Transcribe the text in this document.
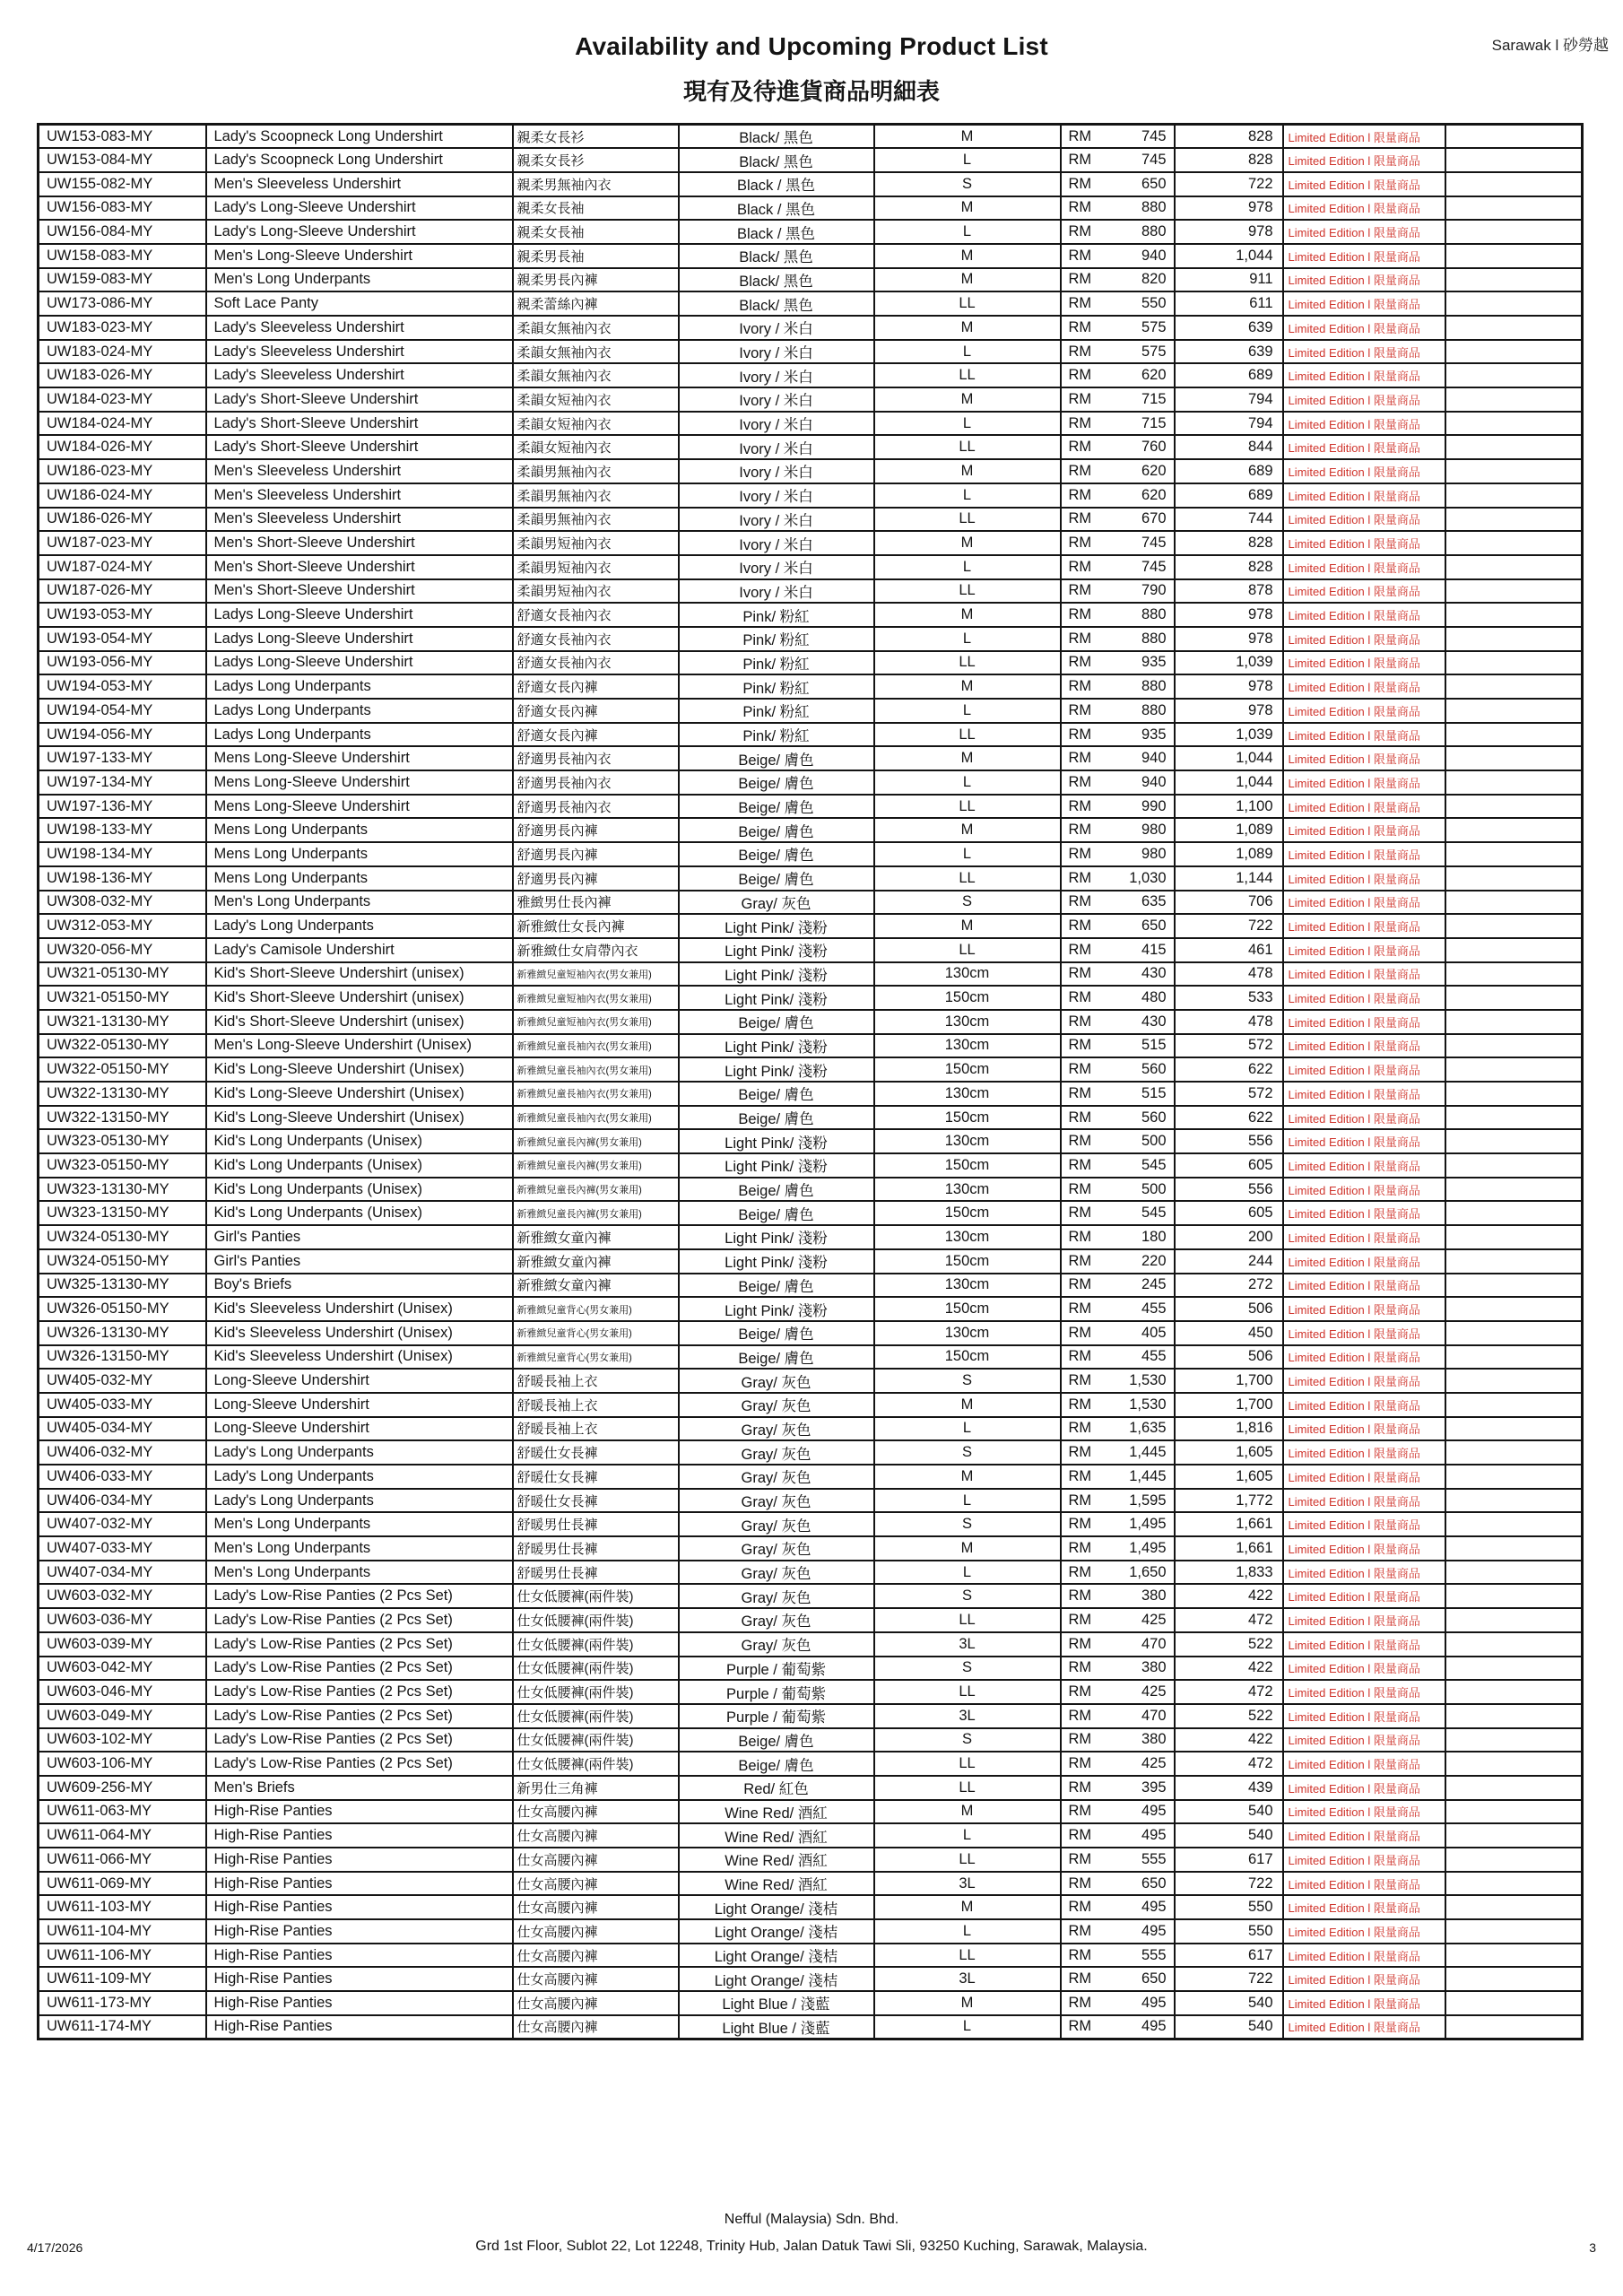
Availability and Upcoming Product List
現有及待進貨商品明細表
Sarawak l 砂勞越
UW153-083-MY	Lady's Scoopneck Long Undershirt	親柔女長衫	Black/ 黑色	M	RM 745	828	Limited Edition l 限量商品	
UW153-084-MY	Lady's Scoopneck Long Undershirt	親柔女長衫	Black/ 黑色	L	RM 745	828	Limited Edition l 限量商品	
UW155-082-MY	Men's Sleeveless Undershirt	親柔男無袖內衣	Black / 黑色	S	RM 650	722	Limited Edition l 限量商品	
UW156-083-MY	Lady's Long-Sleeve Undershirt	親柔女長袖	Black / 黑色	M	RM 880	978	Limited Edition l 限量商品	
UW156-084-MY	Lady's Long-Sleeve Undershirt	親柔女長袖	Black / 黑色	L	RM 880	978	Limited Edition l 限量商品	
UW158-083-MY	Men's Long-Sleeve Undershirt	親柔男長袖	Black/ 黑色	M	RM 940	1,044	Limited Edition l 限量商品	
UW159-083-MY	Men's Long Underpants	親柔男長內褲	Black/ 黑色	M	RM 820	911	Limited Edition l 限量商品	
UW173-086-MY	Soft Lace Panty	親柔蕾絲內褲	Black/ 黑色	LL	RM 550	611	Limited Edition l 限量商品	
UW183-023-MY	Lady's Sleeveless Undershirt	柔韻女無袖內衣	Ivory / 米白	M	RM 575	639	Limited Edition l 限量商品	
UW183-024-MY	Lady's Sleeveless Undershirt	柔韻女無袖內衣	Ivory / 米白	L	RM 575	639	Limited Edition l 限量商品	
UW183-026-MY	Lady's Sleeveless Undershirt	柔韻女無袖內衣	Ivory / 米白	LL	RM 620	689	Limited Edition l 限量商品	
UW184-023-MY	Lady's Short-Sleeve Undershirt	柔韻女短袖內衣	Ivory / 米白	M	RM 715	794	Limited Edition l 限量商品	
UW184-024-MY	Lady's Short-Sleeve Undershirt	柔韻女短袖內衣	Ivory / 米白	L	RM 715	794	Limited Edition l 限量商品	
UW184-026-MY	Lady's Short-Sleeve Undershirt	柔韻女短袖內衣	Ivory / 米白	LL	RM 760	844	Limited Edition l 限量商品	
UW186-023-MY	Men's Sleeveless Undershirt	柔韻男無袖內衣	Ivory / 米白	M	RM 620	689	Limited Edition l 限量商品	
UW186-024-MY	Men's Sleeveless Undershirt	柔韻男無袖內衣	Ivory / 米白	L	RM 620	689	Limited Edition l 限量商品	
UW186-026-MY	Men's Sleeveless Undershirt	柔韻男無袖內衣	Ivory / 米白	LL	RM 670	744	Limited Edition l 限量商品	
UW187-023-MY	Men's Short-Sleeve Undershirt	柔韻男短袖內衣	Ivory / 米白	M	RM 745	828	Limited Edition l 限量商品	
UW187-024-MY	Men's Short-Sleeve Undershirt	柔韻男短袖內衣	Ivory / 米白	L	RM 745	828	Limited Edition l 限量商品	
UW187-026-MY	Men's Short-Sleeve Undershirt	柔韻男短袖內衣	Ivory / 米白	LL	RM 790	878	Limited Edition l 限量商品	
UW193-053-MY	Ladys Long-Sleeve Undershirt	舒適女長袖內衣	Pink/ 粉紅	M	RM 880	978	Limited Edition l 限量商品	
UW193-054-MY	Ladys Long-Sleeve Undershirt	舒適女長袖內衣	Pink/ 粉紅	L	RM 880	978	Limited Edition l 限量商品	
UW193-056-MY	Ladys Long-Sleeve Undershirt	舒適女長袖內衣	Pink/ 粉紅	LL	RM 935	1,039	Limited Edition l 限量商品	
UW194-053-MY	Ladys Long Underpants	舒適女長內褲	Pink/ 粉紅	M	RM 880	978	Limited Edition l 限量商品	
UW194-054-MY	Ladys Long Underpants	舒適女長內褲	Pink/ 粉紅	L	RM 880	978	Limited Edition l 限量商品	
UW194-056-MY	Ladys Long Underpants	舒適女長內褲	Pink/ 粉紅	LL	RM 935	1,039	Limited Edition l 限量商品	
UW197-133-MY	Mens Long-Sleeve Undershirt	舒適男長袖內衣	Beige/ 膚色	M	RM 940	1,044	Limited Edition l 限量商品	
UW197-134-MY	Mens Long-Sleeve Undershirt	舒適男長袖內衣	Beige/ 膚色	L	RM 940	1,044	Limited Edition l 限量商品	
UW197-136-MY	Mens Long-Sleeve Undershirt	舒適男長袖內衣	Beige/ 膚色	LL	RM 990	1,100	Limited Edition l 限量商品	
UW198-133-MY	Mens Long Underpants	舒適男長內褲	Beige/ 膚色	M	RM 980	1,089	Limited Edition l 限量商品	
UW198-134-MY	Mens Long Underpants	舒適男長內褲	Beige/ 膚色	L	RM 980	1,089	Limited Edition l 限量商品	
UW198-136-MY	Mens Long Underpants	舒適男長內褲	Beige/ 膚色	LL	RM 1,030	1,144	Limited Edition l 限量商品	
UW308-032-MY	Men's Long Underpants	雅緻男仕長內褲	Gray/ 灰色	S	RM 635	706	Limited Edition l 限量商品	
UW312-053-MY	Lady's Long Underpants	新雅緻仕女長內褲	Light Pink/ 淺粉	M	RM 650	722	Limited Edition l 限量商品	
UW320-056-MY	Lady's Camisole Undershirt	新雅緻仕女肩帶內衣	Light Pink/ 淺粉	LL	RM 415	461	Limited Edition l 限量商品	
UW321-05130-MY	Kid's Short-Sleeve Undershirt (unisex)	新雅緻兒童短袖內衣(男女兼用)	Light Pink/ 淺粉	130cm	RM 430	478	Limited Edition l 限量商品	
UW321-05150-MY	Kid's Short-Sleeve Undershirt (unisex)	新雅緻兒童短袖內衣(男女兼用)	Light Pink/ 淺粉	150cm	RM 480	533	Limited Edition l 限量商品	
UW321-13130-MY	Kid's Short-Sleeve Undershirt (unisex)	新雅緻兒童短袖內衣(男女兼用)	Beige/ 膚色	130cm	RM 430	478	Limited Edition l 限量商品	
UW322-05130-MY	Men's Long-Sleeve Undershirt (Unisex)	新雅緻兒童長袖內衣(男女兼用)	Light Pink/ 淺粉	130cm	RM 515	572	Limited Edition l 限量商品	
UW322-05150-MY	Kid's Long-Sleeve Undershirt (Unisex)	新雅緻兒童長袖內衣(男女兼用)	Light Pink/ 淺粉	150cm	RM 560	622	Limited Edition l 限量商品	
UW322-13130-MY	Kid's Long-Sleeve Undershirt (Unisex)	新雅緻兒童長袖內衣(男女兼用)	Beige/ 膚色	130cm	RM 515	572	Limited Edition l 限量商品	
UW322-13150-MY	Kid's Long-Sleeve Undershirt (Unisex)	新雅緻兒童長袖內衣(男女兼用)	Beige/ 膚色	150cm	RM 560	622	Limited Edition l 限量商品	
UW323-05130-MY	Kid's Long Underpants (Unisex)	新雅緻兒童長內褲(男女兼用)	Light Pink/ 淺粉	130cm	RM 500	556	Limited Edition l 限量商品	
UW323-05150-MY	Kid's Long Underpants (Unisex)	新雅緻兒童長內褲(男女兼用)	Light Pink/ 淺粉	150cm	RM 545	605	Limited Edition l 限量商品	
UW323-13130-MY	Kid's Long Underpants (Unisex)	新雅緻兒童長內褲(男女兼用)	Beige/ 膚色	130cm	RM 500	556	Limited Edition l 限量商品	
UW323-13150-MY	Kid's Long Underpants (Unisex)	新雅緻兒童長內褲(男女兼用)	Beige/ 膚色	150cm	RM 545	605	Limited Edition l 限量商品	
UW324-05130-MY	Girl's Panties	新雅緻女童內褲	Light Pink/ 淺粉	130cm	RM 180	200	Limited Edition l 限量商品	
UW324-05150-MY	Girl's Panties	新雅緻女童內褲	Light Pink/ 淺粉	150cm	RM 220	244	Limited Edition l 限量商品	
UW325-13130-MY	Boy's Briefs	新雅緻女童內褲	Beige/ 膚色	130cm	RM 245	272	Limited Edition l 限量商品	
UW326-05150-MY	Kid's Sleeveless Undershirt (Unisex)	新雅緻兒童背心(男女兼用)	Light Pink/ 淺粉	150cm	RM 455	506	Limited Edition l 限量商品	
UW326-13130-MY	Kid's Sleeveless Undershirt (Unisex)	新雅緻兒童背心(男女兼用)	Beige/ 膚色	130cm	RM 405	450	Limited Edition l 限量商品	
UW326-13150-MY	Kid's Sleeveless Undershirt (Unisex)	新雅緻兒童背心(男女兼用)	Beige/ 膚色	150cm	RM 455	506	Limited Edition l 限量商品	
UW405-032-MY	Long-Sleeve Undershirt	舒暖長袖上衣	Gray/ 灰色	S	RM 1,530	1,700	Limited Edition l 限量商品	
UW405-033-MY	Long-Sleeve Undershirt	舒暖長袖上衣	Gray/ 灰色	M	RM 1,530	1,700	Limited Edition l 限量商品	
UW405-034-MY	Long-Sleeve Undershirt	舒暖長袖上衣	Gray/ 灰色	L	RM 1,635	1,816	Limited Edition l 限量商品	
UW406-032-MY	Lady's Long Underpants	舒暖仕女長褲	Gray/ 灰色	S	RM 1,445	1,605	Limited Edition l 限量商品	
UW406-033-MY	Lady's Long Underpants	舒暖仕女長褲	Gray/ 灰色	M	RM 1,445	1,605	Limited Edition l 限量商品	
UW406-034-MY	Lady's Long Underpants	舒暖仕女長褲	Gray/ 灰色	L	RM 1,595	1,772	Limited Edition l 限量商品	
UW407-032-MY	Men's Long Underpants	舒暖男仕長褲	Gray/ 灰色	S	RM 1,495	1,661	Limited Edition l 限量商品	
UW407-033-MY	Men's Long Underpants	舒暖男仕長褲	Gray/ 灰色	M	RM 1,495	1,661	Limited Edition l 限量商品	
UW407-034-MY	Men's Long Underpants	舒暖男仕長褲	Gray/ 灰色	L	RM 1,650	1,833	Limited Edition l 限量商品	
UW603-032-MY	Lady's Low-Rise Panties (2 Pcs Set)	仕女低腰褲(兩件裝)	Gray/ 灰色	S	RM 380	422	Limited Edition l 限量商品	
UW603-036-MY	Lady's Low-Rise Panties (2 Pcs Set)	仕女低腰褲(兩件裝)	Gray/ 灰色	LL	RM 425	472	Limited Edition l 限量商品	
UW603-039-MY	Lady's Low-Rise Panties (2 Pcs Set)	仕女低腰褲(兩件裝)	Gray/ 灰色	3L	RM 470	522	Limited Edition l 限量商品	
UW603-042-MY	Lady's Low-Rise Panties (2 Pcs Set)	仕女低腰褲(兩件裝)	Purple / 葡萄紫	S	RM 380	422	Limited Edition l 限量商品	
UW603-046-MY	Lady's Low-Rise Panties (2 Pcs Set)	仕女低腰褲(兩件裝)	Purple / 葡萄紫	LL	RM 425	472	Limited Edition l 限量商品	
UW603-049-MY	Lady's Low-Rise Panties (2 Pcs Set)	仕女低腰褲(兩件裝)	Purple / 葡萄紫	3L	RM 470	522	Limited Edition l 限量商品	
UW603-102-MY	Lady's Low-Rise Panties (2 Pcs Set)	仕女低腰褲(兩件裝)	Beige/ 膚色	S	RM 380	422	Limited Edition l 限量商品	
UW603-106-MY	Lady's Low-Rise Panties (2 Pcs Set)	仕女低腰褲(兩件裝)	Beige/ 膚色	LL	RM 425	472	Limited Edition l 限量商品	
UW609-256-MY	Men's Briefs	新男仕三角褲	Red/ 紅色	LL	RM 395	439	Limited Edition l 限量商品	
UW611-063-MY	High-Rise Panties	仕女高腰內褲	Wine Red/ 酒紅	M	RM 495	540	Limited Edition l 限量商品	
UW611-064-MY	High-Rise Panties	仕女高腰內褲	Wine Red/ 酒紅	L	RM 495	540	Limited Edition l 限量商品	
UW611-066-MY	High-Rise Panties	仕女高腰內褲	Wine Red/ 酒紅	LL	RM 555	617	Limited Edition l 限量商品	
UW611-069-MY	High-Rise Panties	仕女高腰內褲	Wine Red/ 酒紅	3L	RM 650	722	Limited Edition l 限量商品	
UW611-103-MY	High-Rise Panties	仕女高腰內褲	Light Orange/ 淺桔	M	RM 495	550	Limited Edition l 限量商品	
UW611-104-MY	High-Rise Panties	仕女高腰內褲	Light Orange/ 淺桔	L	RM 495	550	Limited Edition l 限量商品	
UW611-106-MY	High-Rise Panties	仕女高腰內褲	Light Orange/ 淺桔	LL	RM 555	617	Limited Edition l 限量商品	
UW611-109-MY	High-Rise Panties	仕女高腰內褲	Light Orange/ 淺桔	3L	RM 650	722	Limited Edition l 限量商品	
UW611-173-MY	High-Rise Panties	仕女高腰內褲	Light Blue / 淺藍	M	RM 495	540	Limited Edition l 限量商品	
UW611-174-MY	High-Rise Panties	仕女高腰內褲	Light Blue / 淺藍	L	RM 495	540	Limited Edition l 限量商品	
Nefful (Malaysia) Sdn. Bhd.
Grd 1st Floor, Sublot 22, Lot 12248, Trinity Hub, Jalan Datuk Tawi Sli, 93250 Kuching, Sarawak, Malaysia.
4/17/2026	3
